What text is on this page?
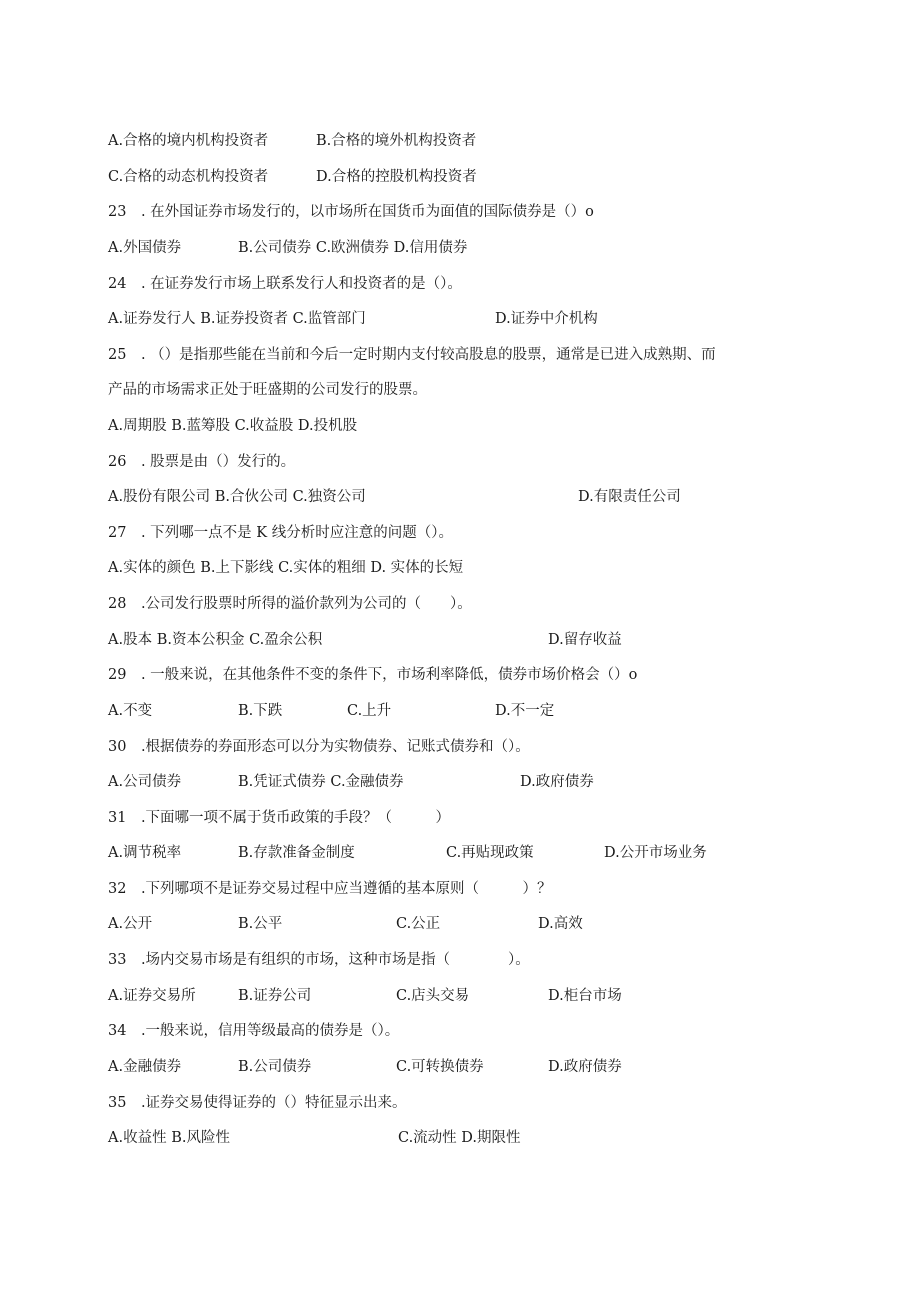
A.合格的境内机构投资者	B.合格的境外机构投资者
C.合格的动态机构投资者	D.合格的控股机构投资者
23　. 在外国证券市场发行的，以市场所在国货币为面值的国际债券是（）o
A.外国债券	B.公司债券 C.欧洲债券 D.信用债券
24　. 在证券发行市场上联系发行人和投资者的是（）。
A.证券发行人 B.证券投资者 C.监管部门	D.证券中介机构
25　. （）是指那些能在当前和今后一定时期内支付较高股息的股票，通常是已进入成熟期、而
产品的市场需求正处于旺盛期的公司发行的股票。
A.周期股 B.蓝筹股 C.收益股 D.投机股
26　. 股票是由（）发行的。
A.股份有限公司 B.合伙公司 C.独资公司	D.有限责任公司
27　. 下列哪一点不是 K 线分析时应注意的问题（）。
A.实体的颜色 B.上下影线 C.实体的粗细 D. 实体的长短
28　.公司发行股票时所得的溢价款列为公司的（　　）。
A.股本 B.资本公积金 C.盈余公积	D.留存收益
29　. 一般来说，在其他条件不变的条件下，市场利率降低，债券市场价格会（）o
A.不变	B.下跌	C.上升	D.不一定
30　.根据债券的券面形态可以分为实物债券、记账式债券和（）。
A.公司债券	B.凭证式债券 C.金融债券	D.政府债券
31　.下面哪一项不属于货币政策的手段？（　　　）
A.调节税率	B.存款准备金制度	C.再贴现政策	D.公开市场业务
32　.下列哪项不是证券交易过程中应当遵循的基本原则（　　　）？
A.公开	B.公平	C.公正	D.高效
33　.场内交易市场是有组织的市场，这种市场是指（　　　　）。
A.证券交易所	B.证券公司	C.店头交易	D.柜台市场
34　.一般来说，信用等级最高的债券是（）。
A.金融债券	B.公司债券	C.可转换债券	D.政府债券
35　.证券交易使得证券的（）特征显示出来。
A.收益性 B.风险性	C.流动性 D.期限性
